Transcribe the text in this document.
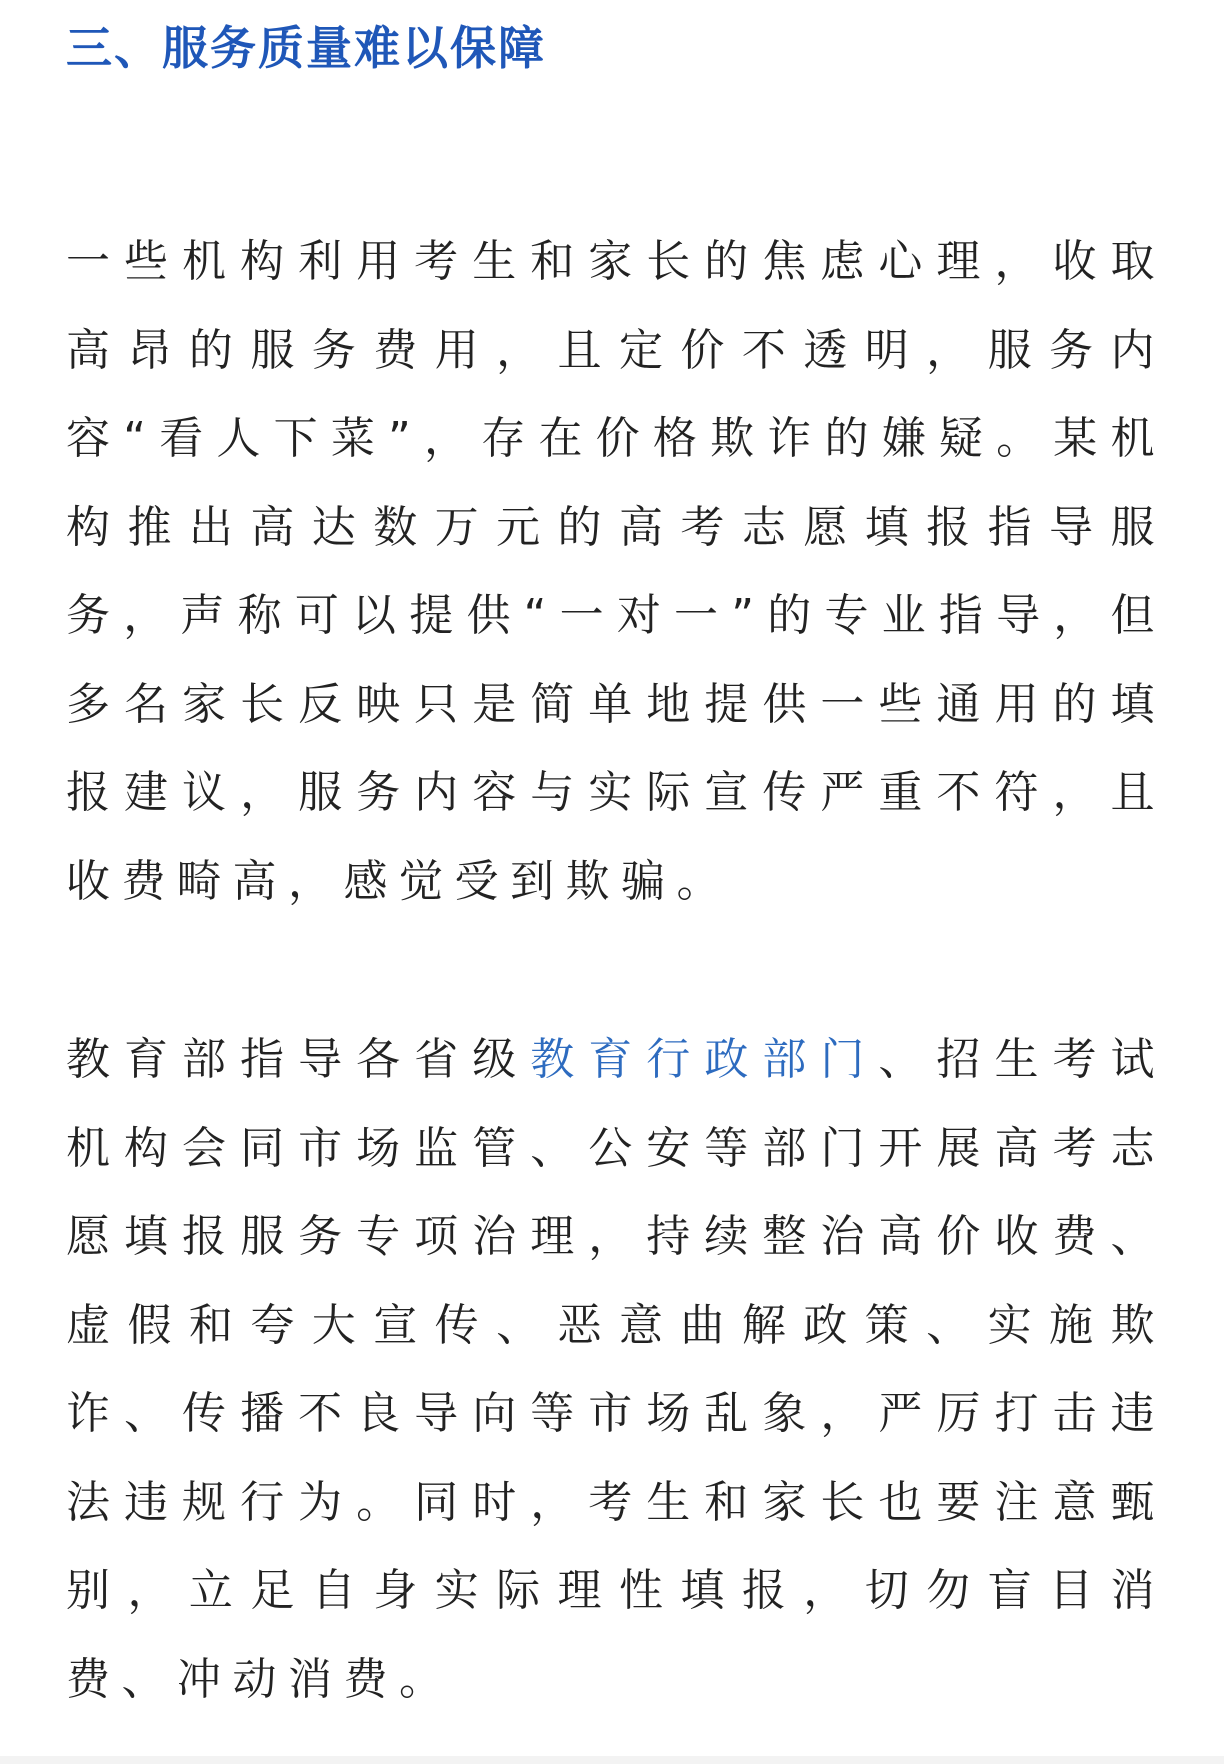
三、服务质量难以保障

一些机构利用考生和家长的焦虑心理，收取高昂的服务费用，且定价不透明，服务内容“看人下菜”，存在价格欺诈的嫌疑。某机构推出高达数万元的高考志愿填报指导服务，声称可以提供“一对一”的专业指导，但多名家长反映只是简单地提供一些通用的填报建议，服务内容与实际宣传严重不符，且收费畸高，感觉受到欺骗。

教育部指导各省级教育行政部门、招生考试机构会同市场监管、公安等部门开展高考志愿填报服务专项治理，持续整治高价收费、虚假和夸大宣传、恶意曲解政策、实施欺诈、传播不良导向等市场乱象，严厉打击违法违规行为。同时，考生和家长也要注意甄别，立足自身实际理性填报，切勿盲目消费、冲动消费。
